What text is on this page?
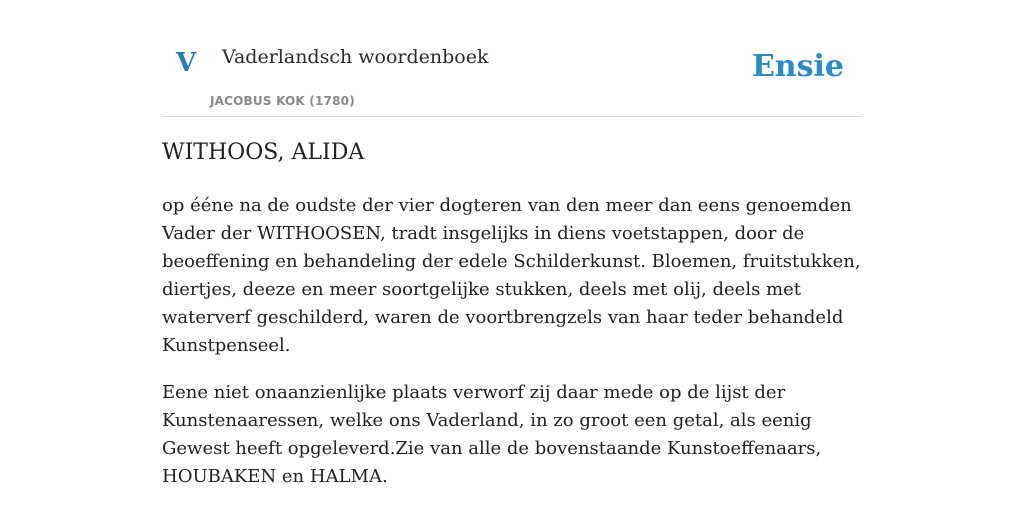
V Vaderlandsch woordenboek
JACOBUS KOK (1780)
Ensie
WITHOOS, ALIDA

op ééne na de oudste der vier dogteren van den meer dan eens genoemden Vader der WITHOOSEN, tradt insgelijks in diens voetstappen, door de beoeffening en behandeling der edele Schilderkunst. Bloemen, fruitstukken, diertjes, deeze en meer soortgelijke stukken, deels met olij, deels met waterverf geschilderd, waren de voortbrengzels van haar teder behandeld Kunstpenseel.

Eene niet onaanzienlijke plaats verworf zij daar mede op de lijst der Kunstenaaressen, welke ons Vaderland, in zo groot een getal, als eenig Gewest heeft opgeleverd.Zie van alle de bovenstaande Kunstoeffenaars, HOUBAKEN en HALMA.
